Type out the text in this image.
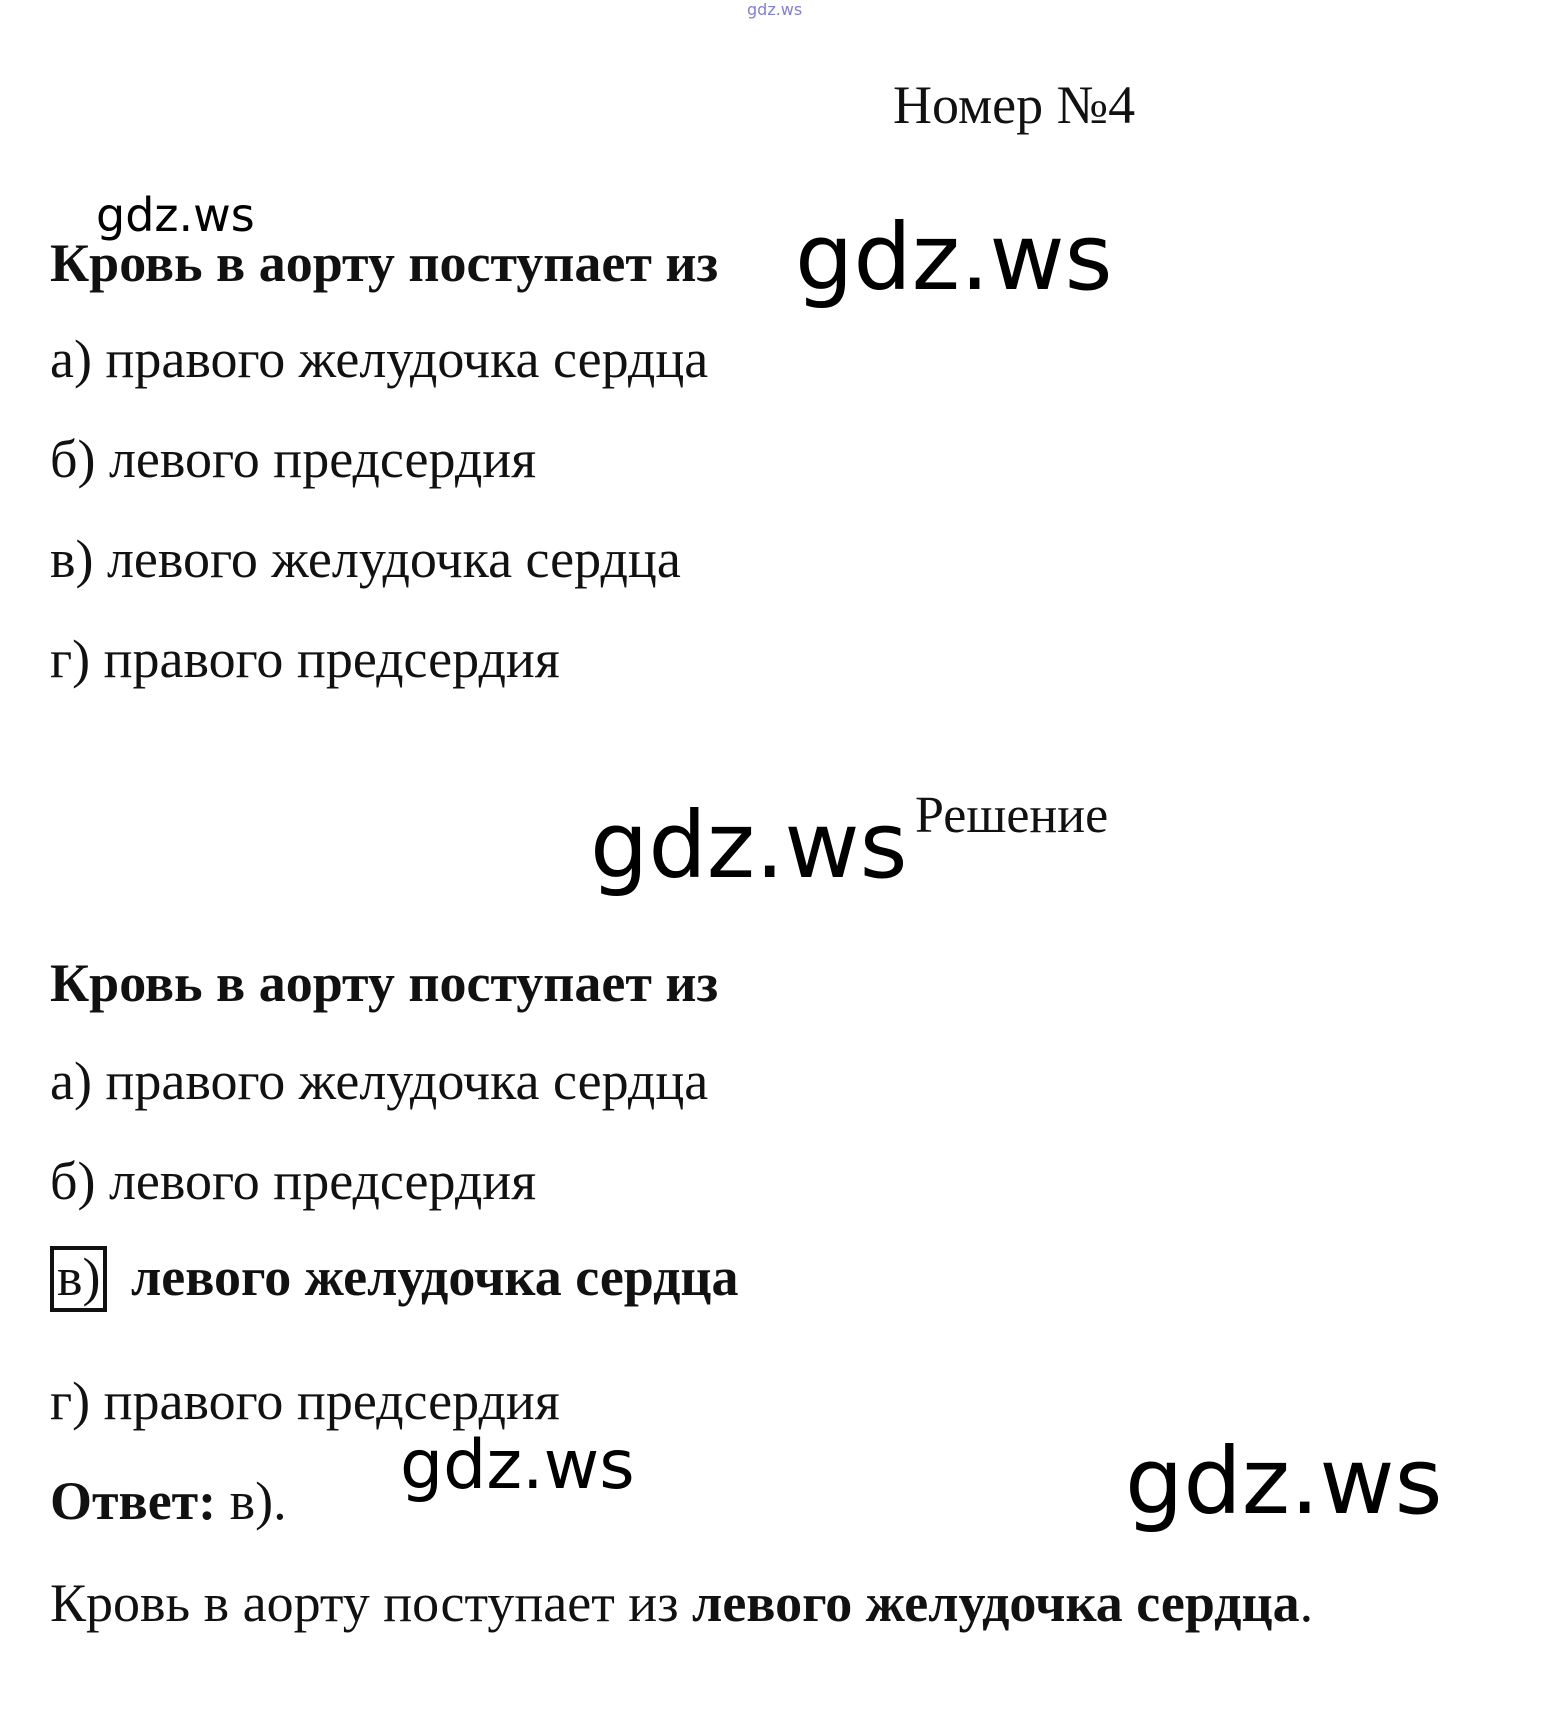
gdz.ws
Номер №4
gdz.ws
Кровь в аорту поступает из gdz.ws
а) правого желудочка сердца
б) левого предсердия
в) левого желудочка сердца
г) правого предсердия
Решение
gdz.ws
Кровь в аорту поступает из
а) правого желудочка сердца
б) левого предсердия
в) левого желудочка сердца
г) правого предсердия
Ответ: в). gdz.ws	gdz.ws
Кровь в аорту поступает из левого желудочка сердца.
